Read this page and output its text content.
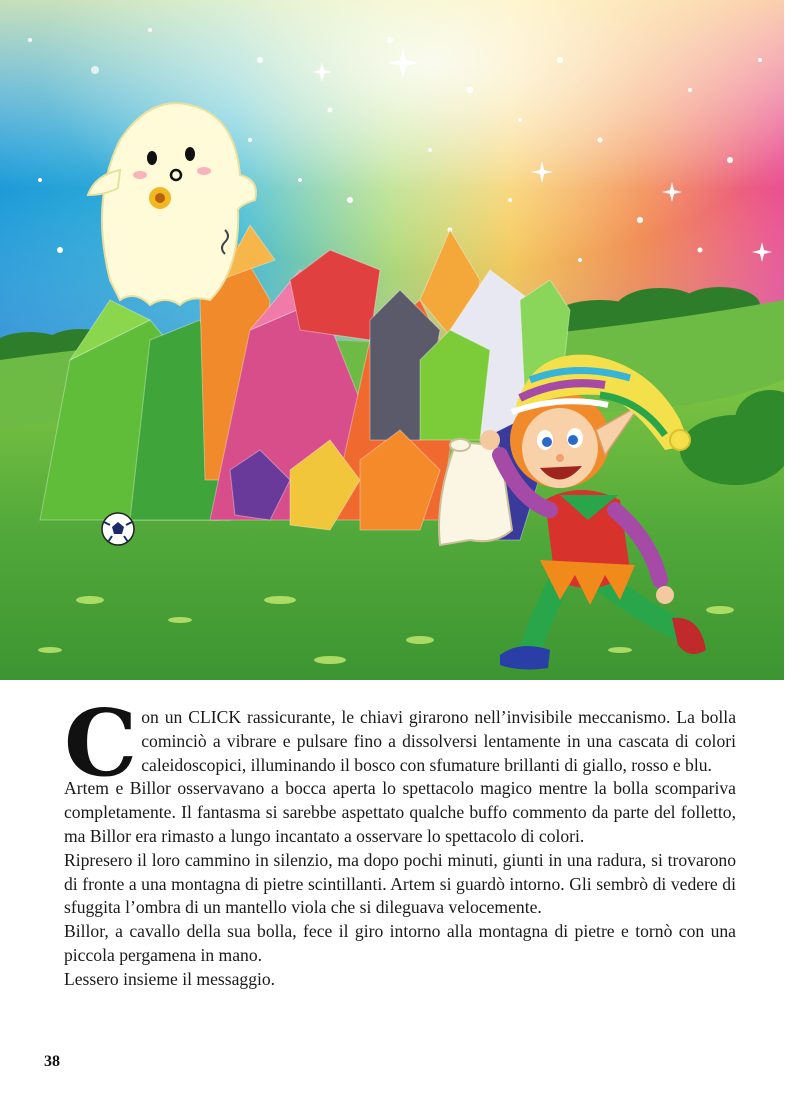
C on un CLICK rassicurante, le chiavi girarono nell’invisibile meccanismo. La bolla cominciò a vibrare e pulsare fino a dissolversi lentamente in una cascata di colori caleidoscopici, illuminando il bosco con sfumature brillanti di giallo, rosso e blu.

Artem e Billor osservavano a bocca aperta lo spettacolo magico mentre la bolla scompariva completamente. Il fantasma si sarebbe aspettato qualche buffo commento da parte del folletto, ma Billor era rimasto a lungo incantato a osservare lo spettacolo di colori.

Ripresero il loro cammino in silenzio, ma dopo pochi minuti, giunti in una radura, si trovarono di fronte a una montagna di pietre scintillanti. Artem si guardò intorno. Gli sembrò di vedere di sfuggita l’ombra di un mantello viola che si dileguava velocemente.

Billor, a cavallo della sua bolla, fece il giro intorno alla montagna di pietre e tornò con una piccola pergamena in mano.

Lessero insieme il messaggio.

38
